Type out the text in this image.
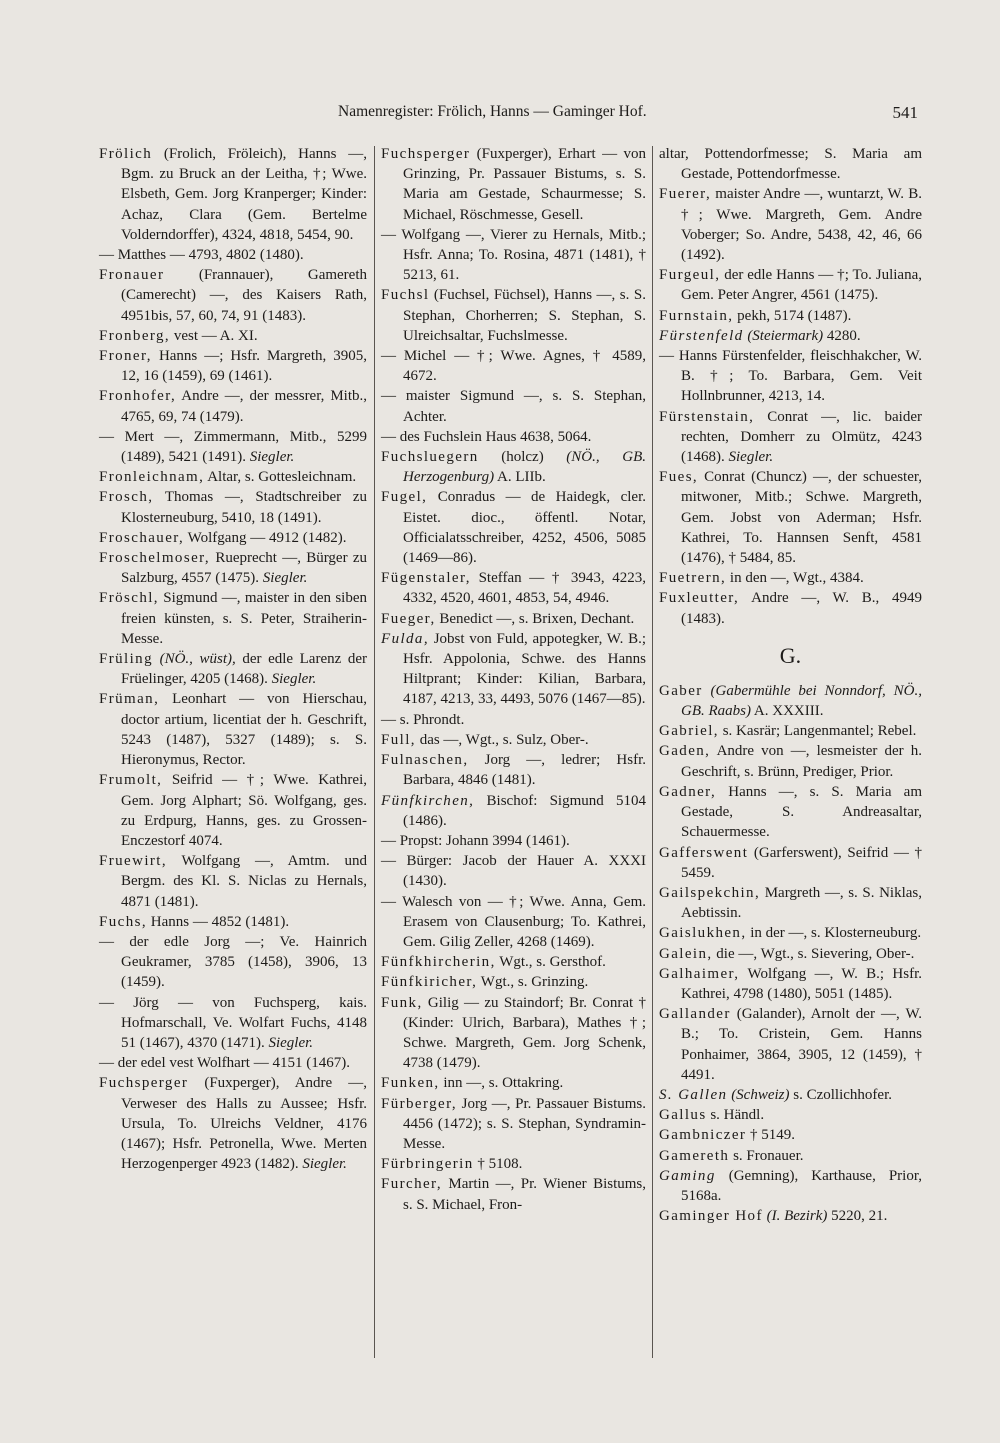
Namenregister: Frölich, Hanns — Gaminger Hof.	541
Frölich (Frolich, Fröleich), Hanns —, Bgm. zu Bruck an der Leitha, †; Wwe. Elsbeth, Gem. Jorg Kranperger; Kinder: Achaz, Clara (Gem. Bertelme Volderndorffer), 4324, 4818, 5454, 90.
— Matthes — 4793, 4802 (1480).
Fronauer (Frannauer), Gamereth (Camerecht) —, des Kaisers Rath, 4951bis, 57, 60, 74, 91 (1483).
Fronberg, vest — A. XI.
Froner, Hanns —; Hsfr. Margreth, 3905, 12, 16 (1459), 69 (1461).
Fronhofer, Andre —, der messrer, Mitb., 4765, 69, 74 (1479).
— Mert —, Zimmermann, Mitb., 5299 (1489), 5421 (1491). Siegler.
Fronleichnam, Altar, s. Gottesleichnam.
Frosch, Thomas —, Stadtschreiber zu Klosterneuburg, 5410, 18 (1491).
Froschauer, Wolfgang — 4912 (1482).
Froschelmoser, Rueprecht —, Bürger zu Salzburg, 4557 (1475). Siegler.
Fröschl, Sigmund —, maister in den siben freien künsten, s. S. Peter, Straiherin-Messe.
Früling (NÖ., wüst), der edle Larenz der Früelinger, 4205 (1468). Siegler.
Früman, Leonhart — von Hierschau, doctor artium, licentiat der h. Geschrift, 5243 (1487), 5327 (1489); s. S. Hieronymus, Rector.
Frumolt, Seifrid — †; Wwe. Kathrei, Gem. Jorg Alphart; Sö. Wolfgang, ges. zu Erdpurg, Hanns, ges. zu Grossen-Enczestorf 4074.
Fruewirt, Wolfgang —, Amtm. und Bergm. des Kl. S. Niclas zu Hernals, 4871 (1481).
Fuchs, Hanns — 4852 (1481).
— der edle Jorg —; Ve. Hainrich Geukramer, 3785 (1458), 3906, 13 (1459).
— Jörg — von Fuchsperg, kais. Hofmarschall, Ve. Wolfart Fuchs, 4148 51 (1467), 4370 (1471). Siegler.
— der edel vest Wolfhart — 4151 (1467).
Fuchsperger (Fuxperger), Andre —, Verweser des Halls zu Aussee; Hsfr. Ursula, To. Ulreichs Veldner, 4176 (1467); Hsfr. Petronella, Wwe. Merten Herzogenperger 4923 (1482). Siegler.
Fuchsperger (Fuxperger), Erhart — von Grinzing, Pr. Passauer Bistums, s. S. Maria am Gestade, Schaurmesse; S. Michael, Röschmesse, Gesell.
— Wolfgang —, Vierer zu Hernals, Mitb.; Hsfr. Anna; To. Rosina, 4871 (1481), † 5213, 61.
Fuchsl (Fuchsel, Füchsel), Hanns —, s. S. Stephan, Chorherren; S. Stephan, S. Ulreichsaltar, Fuchslmesse.
— Michel — †; Wwe. Agnes, † 4589, 4672.
— maister Sigmund —, s. S. Stephan, Achter.
— des Fuchslein Haus 4638, 5064.
Fuchsluegern (holcz) (NÖ., GB. Herzogenburg) A. LIIb.
Fugel, Conradus — de Haidegk, cler. Eistet. dioc., öffentl. Notar, Officialatsschreiber, 4252, 4506, 5085 (1469—86).
Fügenstaler, Steffan — † 3943, 4223, 4332, 4520, 4601, 4853, 54, 4946.
Fueger, Benedict —, s. Brixen, Dechant.
Fulda, Jobst von Fuld, appotegker, W. B.; Hsfr. Appolonia, Schwe. des Hanns Hiltprant; Kinder: Kilian, Barbara, 4187, 4213, 33, 4493, 5076 (1467—85).
— s. Phrondt.
Full, das —, Wgt., s. Sulz, Ober-.
Fulnaschen, Jorg —, ledrer; Hsfr. Barbara, 4846 (1481).
Fünfkirchen, Bischof: Sigmund 5104 (1486).
— Propst: Johann 3994 (1461).
— Bürger: Jacob der Hauer A. XXXI (1430).
— Walesch von — †; Wwe. Anna, Gem. Erasem von Clausenburg; To. Kathrei, Gem. Gilig Zeller, 4268 (1469).
Fünfkhircherin, Wgt., s. Gersthof.
Fünfkiricher, Wgt., s. Grinzing.
Funk, Gilig — zu Staindorf; Br. Conrat † (Kinder: Ulrich, Barbara), Mathes †; Schwe. Margreth, Gem. Jorg Schenk, 4738 (1479).
Funken, inn —, s. Ottakring.
Fürberger, Jorg —, Pr. Passauer Bistums. 4456 (1472); s. S. Stephan, Syndramin-Messe.
Fürbringerin † 5108.
Furcher, Martin —, Pr. Wiener Bistums, s. S. Michael, Fron-
altar, Pottendorfmesse; S. Maria am Gestade, Pottendorfmesse.
Fuerer, maister Andre —, wuntarzt, W. B. †; Wwe. Margreth, Gem. Andre Voberger; So. Andre, 5438, 42, 46, 66 (1492).
Furgeul, der edle Hanns — †; To. Juliana, Gem. Peter Angrer, 4561 (1475).
Furnstain, pekh, 5174 (1487).
Fürstenfeld (Steiermark) 4280.
— Hanns Fürstenfelder, fleischhakcher, W. B. †; To. Barbara, Gem. Veit Hollnbrunner, 4213, 14.
Fürstenstain, Conrat —, lic. baider rechten, Domherr zu Olmütz, 4243 (1468). Siegler.
Fues, Conrat (Chuncz) —, der schuester, mitwoner, Mitb.; Schwe. Margreth, Gem. Jobst von Aderman; Hsfr. Kathrei, To. Hannsen Senft, 4581 (1476), † 5484, 85.
Fuetrern, in den —, Wgt., 4384.
Fuxleutter, Andre —, W. B., 4949 (1483).
G.
Gaber (Gabermühle bei Nonndorf, NÖ., GB. Raabs) A. XXXIII.
Gabriel, s. Kasrär; Langenmantel; Rebel.
Gaden, Andre von —, lesmeister der h. Geschrift, s. Brünn, Prediger, Prior.
Gadner, Hanns —, s. S. Maria am Gestade, S. Andreasaltar, Schauermesse.
Gafferswent (Garferswent), Seifrid — † 5459.
Gailspekchin, Margreth —, s. S. Niklas, Aebtissin.
Gaislukhen, in der —, s. Klosterneuburg.
Galein, die —, Wgt., s. Sievering, Ober-.
Galhaimer, Wolfgang —, W. B.; Hsfr. Kathrei, 4798 (1480), 5051 (1485).
Gallander (Galander), Arnolt der —, W. B.; To. Cristein, Gem. Hanns Ponhaimer, 3864, 3905, 12 (1459), † 4491.
S. Gallen (Schweiz) s. Czollichhofer.
Gallus s. Händl.
Gambniczer † 5149.
Gamereth s. Fronauer.
Gaming (Gemning), Karthause, Prior, 5168a.
Gaminger Hof (I. Bezirk) 5220, 21.
